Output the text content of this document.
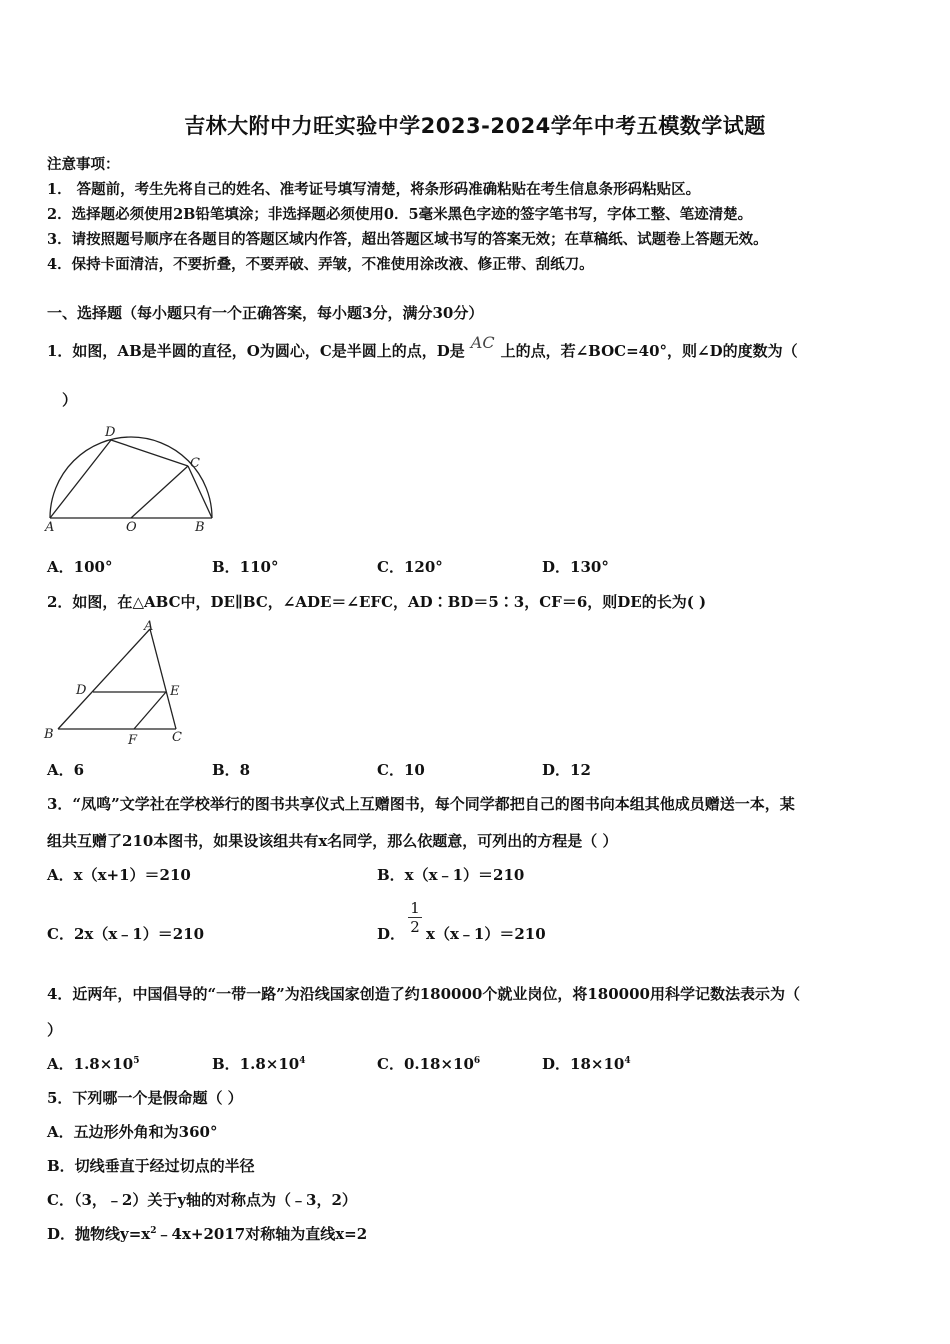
吉林大附中力旺实验中学2023-2024学年中考五模数学试题
注意事项：
1． 答题前，考生先将自己的姓名、准考证号填写清楚，将条形码准确粘贴在考生信息条形码粘贴区。
2．选择题必须使用2B铅笔填涂；非选择题必须使用0．5毫米黑色字迹的签字笔书写，字体工整、笔迹清楚。
3．请按照题号顺序在各题目的答题区域内作答，超出答题区域书写的答案无效；在草稿纸、试题卷上答题无效。
4．保持卡面清洁，不要折叠，不要弄破、弄皱，不准使用涂改液、修正带、刮纸刀。
一、选择题（每小题只有一个正确答案，每小题3分，满分30分）
1．如图，AB是半圆的直径，O为圆心，C是半圆上的点，D是 AC 上的点，若∠BOC=40°，则∠D的度数为（
）
A	O	B
D
C
A．100°	B．110°	C．120°	D．130°
2．如图，在△ABC中，DE∥BC，∠ADE＝∠EFC，AD∶BD＝5∶3，CF＝6，则DE的长为( )
A
B	C
D	E
F
A．6	B．8	C．10	D．12
3．“凤鸣”文学社在学校举行的图书共享仪式上互赠图书，每个同学都把自己的图书向本组其他成员赠送一本，某
组共互赠了210本图书，如果设该组共有x名同学，那么依题意，可列出的方程是（ ）
A．x（x+1）＝210	B．x（x﹣1）＝210
C．2x（x﹣1）＝210	D． $\frac{1}{2}$ x（x﹣1）＝210
4．近两年，中国倡导的“一带一路”为沿线国家创造了约180000个就业岗位，将180000用科学记数法表示为（
）
A．$1.8\times 10^5$	B．$1.8\times 10^4$	C．$0.18\times 10^6$	D．$18\times 10^4$
5．下列哪一个是假命题（ ）
A．五边形外角和为360°
B．切线垂直于经过切点的半径
C．（3，﹣2）关于y轴的对称点为（﹣3，2）
D．抛物线$y=x^2﹣4x+2017$对称轴为直线x=2
